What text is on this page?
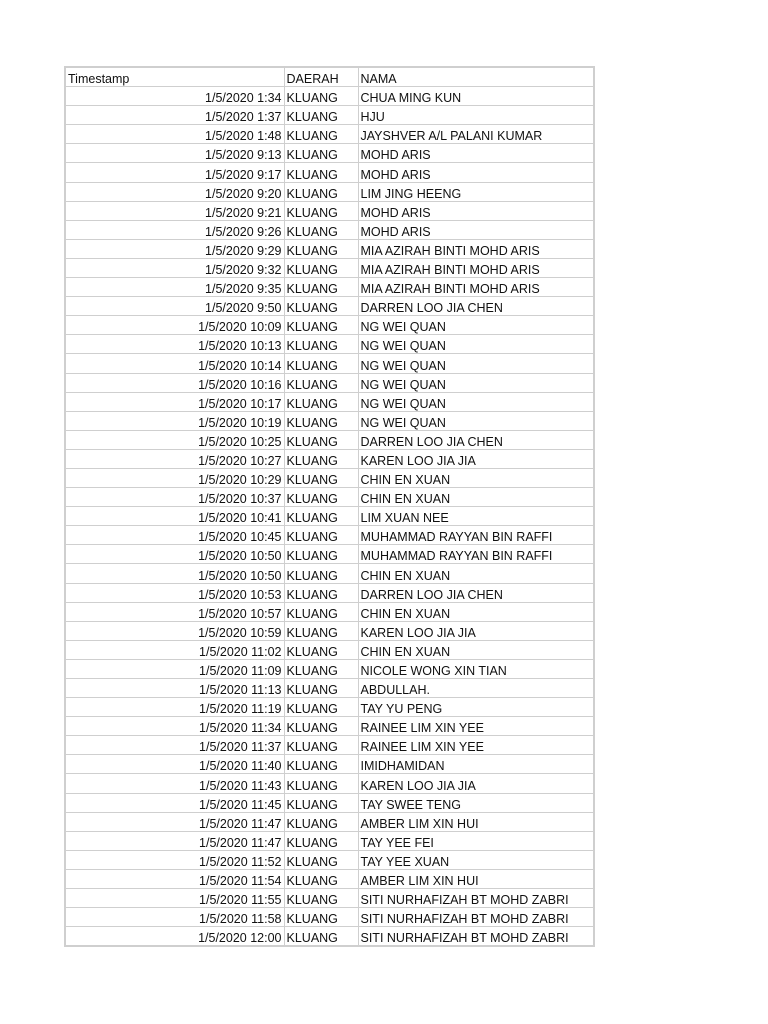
Timestamp	DAERAH	NAMA
1/5/2020 1:34	KLUANG	CHUA MING KUN
1/5/2020 1:37	KLUANG	HJU
1/5/2020 1:48	KLUANG	JAYSHVER A/L PALANI KUMAR
1/5/2020 9:13	KLUANG	MOHD ARIS
1/5/2020 9:17	KLUANG	MOHD ARIS
1/5/2020 9:20	KLUANG	LIM JING HEENG
1/5/2020 9:21	KLUANG	MOHD ARIS
1/5/2020 9:26	KLUANG	MOHD ARIS
1/5/2020 9:29	KLUANG	MIA AZIRAH BINTI MOHD ARIS
1/5/2020 9:32	KLUANG	MIA AZIRAH BINTI MOHD ARIS
1/5/2020 9:35	KLUANG	MIA AZIRAH BINTI MOHD ARIS
1/5/2020 9:50	KLUANG	DARREN LOO JIA CHEN
1/5/2020 10:09	KLUANG	NG WEI QUAN
1/5/2020 10:13	KLUANG	NG WEI QUAN
1/5/2020 10:14	KLUANG	NG WEI QUAN
1/5/2020 10:16	KLUANG	NG WEI QUAN
1/5/2020 10:17	KLUANG	NG WEI QUAN
1/5/2020 10:19	KLUANG	NG WEI QUAN
1/5/2020 10:25	KLUANG	DARREN LOO JIA CHEN
1/5/2020 10:27	KLUANG	KAREN LOO JIA JIA
1/5/2020 10:29	KLUANG	CHIN EN XUAN
1/5/2020 10:37	KLUANG	CHIN EN XUAN
1/5/2020 10:41	KLUANG	LIM XUAN NEE
1/5/2020 10:45	KLUANG	MUHAMMAD RAYYAN BIN RAFFI
1/5/2020 10:50	KLUANG	MUHAMMAD RAYYAN BIN RAFFI
1/5/2020 10:50	KLUANG	CHIN EN XUAN
1/5/2020 10:53	KLUANG	DARREN LOO JIA CHEN
1/5/2020 10:57	KLUANG	CHIN EN XUAN
1/5/2020 10:59	KLUANG	KAREN LOO JIA JIA
1/5/2020 11:02	KLUANG	CHIN EN XUAN
1/5/2020 11:09	KLUANG	NICOLE WONG XIN TIAN
1/5/2020 11:13	KLUANG	ABDULLAH.
1/5/2020 11:19	KLUANG	TAY YU PENG
1/5/2020 11:34	KLUANG	RAINEE LIM XIN YEE
1/5/2020 11:37	KLUANG	RAINEE LIM XIN YEE
1/5/2020 11:40	KLUANG	IMIDHAMIDAN
1/5/2020 11:43	KLUANG	KAREN LOO JIA JIA
1/5/2020 11:45	KLUANG	TAY SWEE TENG
1/5/2020 11:47	KLUANG	AMBER LIM XIN HUI
1/5/2020 11:47	KLUANG	TAY YEE FEI
1/5/2020 11:52	KLUANG	TAY YEE XUAN
1/5/2020 11:54	KLUANG	AMBER LIM XIN HUI
1/5/2020 11:55	KLUANG	SITI NURHAFIZAH BT MOHD ZABRI
1/5/2020 11:58	KLUANG	SITI NURHAFIZAH BT MOHD ZABRI
1/5/2020 12:00	KLUANG	SITI NURHAFIZAH BT MOHD ZABRI
